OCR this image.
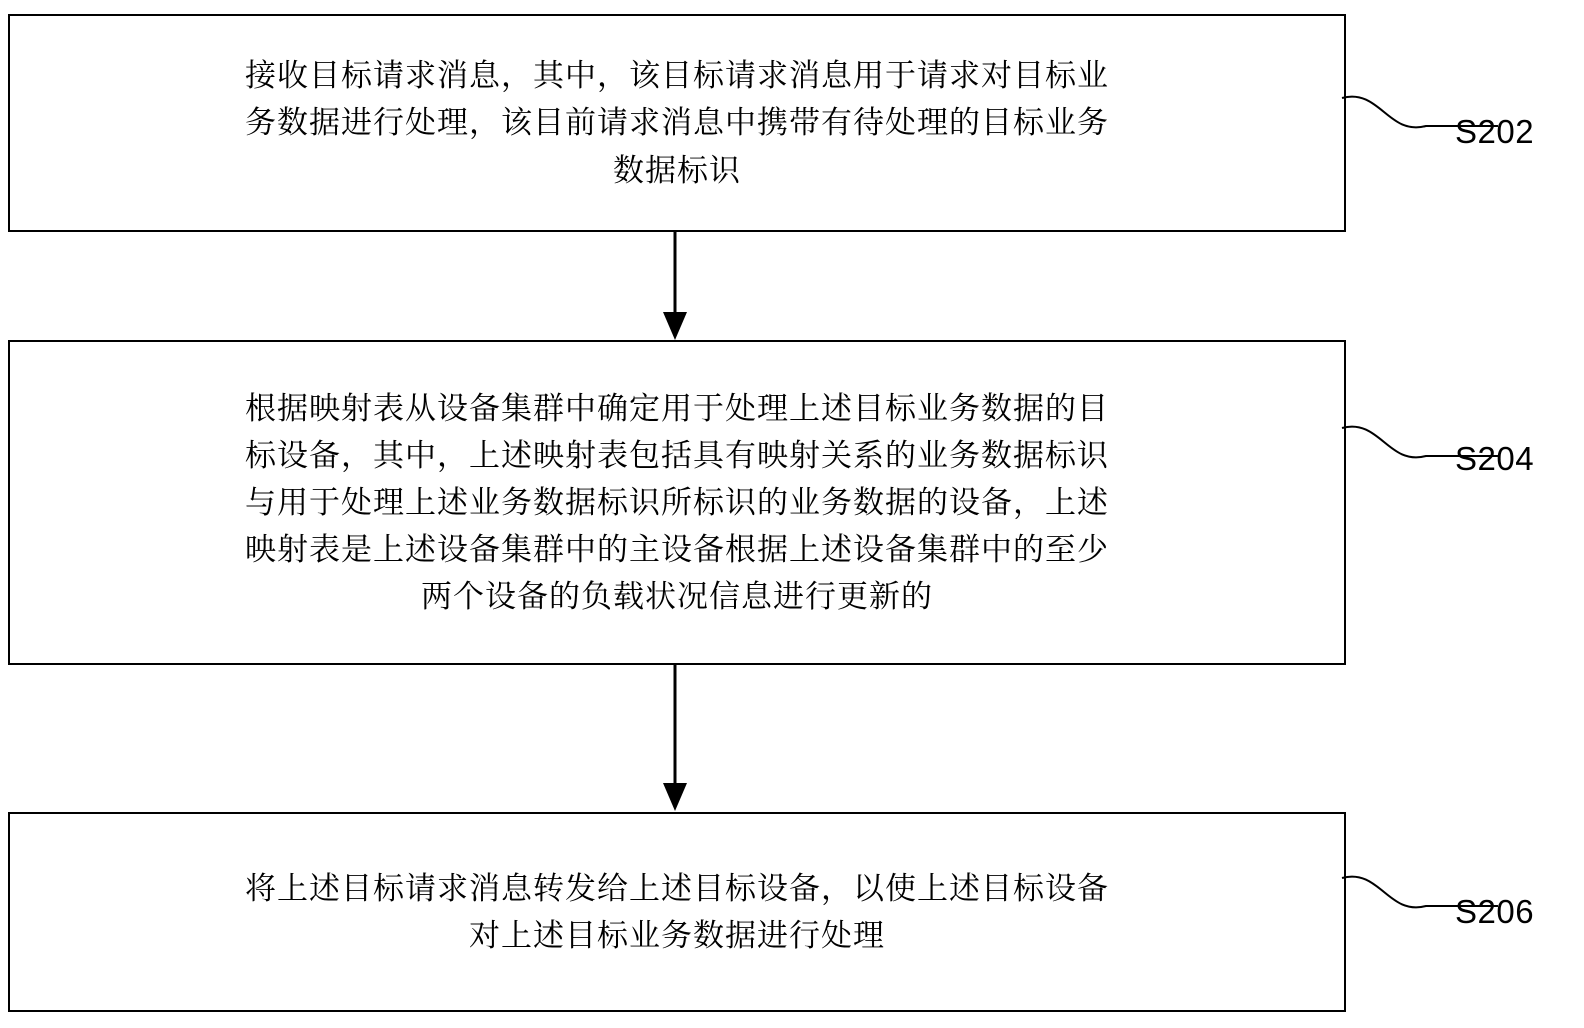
接收目标请求消息，其中，该目标请求消息用于请求对目标业
务数据进行处理，该目前请求消息中携带有待处理的目标业务
数据标识
S202
根据映射表从设备集群中确定用于处理上述目标业务数据的目
标设备，其中，上述映射表包括具有映射关系的业务数据标识
与用于处理上述业务数据标识所标识的业务数据的设备，上述
映射表是上述设备集群中的主设备根据上述设备集群中的至少
两个设备的负载状况信息进行更新的
S204
将上述目标请求消息转发给上述目标设备，以使上述目标设备
对上述目标业务数据进行处理
S206
